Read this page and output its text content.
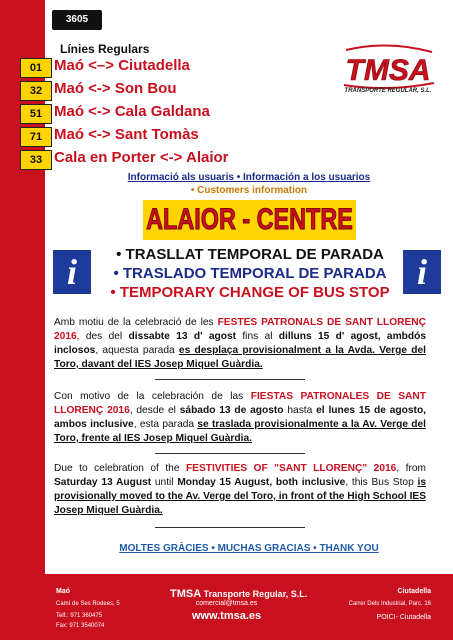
3605
Línies Regulars
01 Maó <–> Ciutadella
32 Maó <-> Son Bou
51 Maó <-> Cala Galdana
71 Maó <-> Sant Tomàs
33 Cala en Porter <-> Alaior
TMSA
TRANSPORTE REGULAR, S.L.
Informació als usuaris • Información a los usuarios
• Customers information
ALAIOR - CENTRE
i	i
• TRASLLAT TEMPORAL DE PARADA
• TRASLADO TEMPORAL DE PARADA
• TEMPORARY CHANGE OF BUS STOP
Amb motiu de la celebració de les FESTES PATRONALS DE SANT LLORENÇ 2016, des del dissabte 13 d' agost fins al dilluns 15 d' agost, ambdós inclosos, aquesta parada es desplaça provisionalment a la Avda. Verge del Toro, davant del IES Josep Miquel Guàrdia.
Con motivo de la celebración de las FIESTAS PATRONALES DE SANT LLORENÇ 2016, desde el sábado 13 de agosto hasta el lunes 15 de agosto, ambos inclusive, esta parada se traslada provisionalmente a la Av. Verge del Toro, frente al IES Josep Miquel Guàrdia.
Due to celebration of the FESTIVITIES OF "SANT LLORENÇ" 2016, from Saturday 13 August until Monday 15 August, both inclusive, this Bus Stop is provisionally moved to the Av. Verge del Toro, in front of the High School IES Josep Miquel Guàrdia.
MOLTES GRÀCIES • MUCHAS GRACIAS • THANK YOU
Maó
Camí de Ses Rodees, 5
Telf.: 971 360475
Fax: 971 3540074
TMSA Transporte Regular, S.L.
comercial@tmsa.es
www.tmsa.es
Ciutadella
Carrer Dels Industrial, Parc. 16
POICI- Ciutadella
